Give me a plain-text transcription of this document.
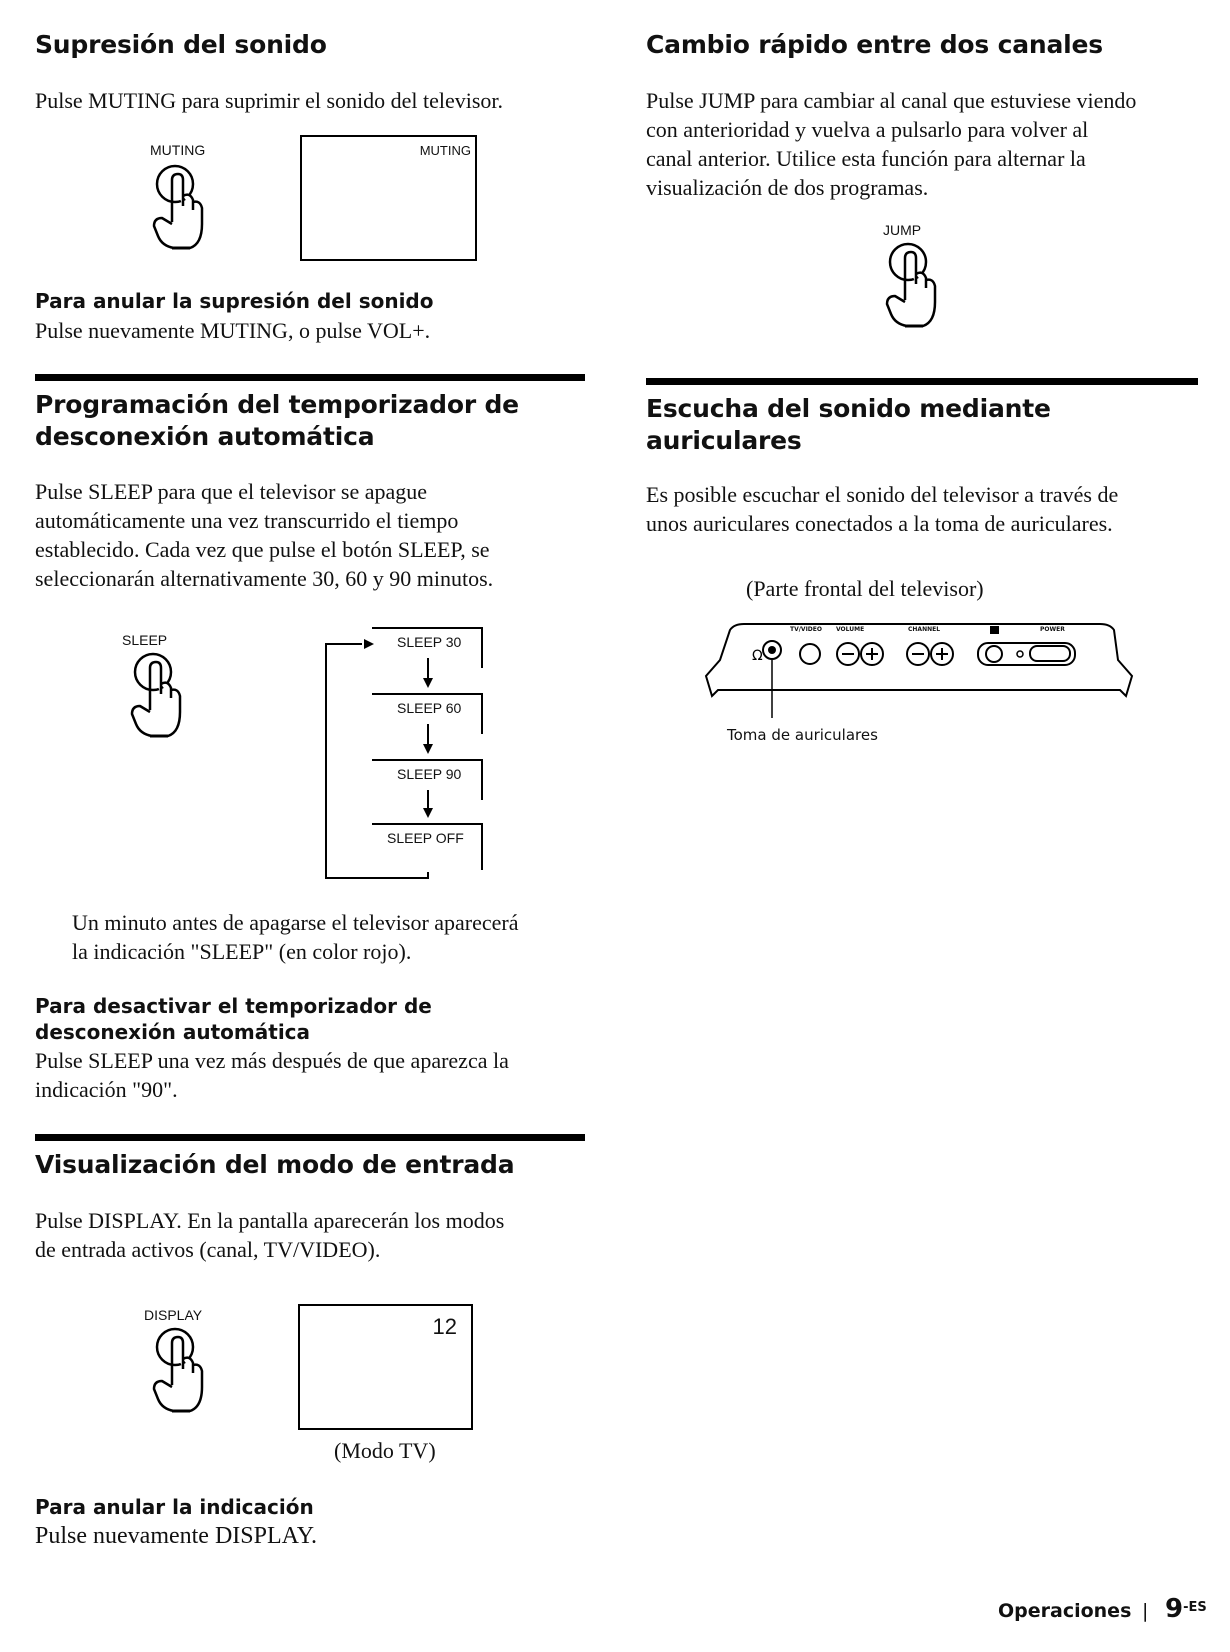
Supresión del sonido

Pulse MUTING para suprimir el sonido del televisor.

MUTING	MUTING
Para anular la supresión del sonido

Pulse nuevamente MUTING, o pulse VOL+.

Programación del temporizador de
desconexión automática

Pulse SLEEP para que el televisor se apague

automáticamente una vez transcurrido el tiempo

establecido. Cada vez que pulse el botón SLEEP, se

seleccionarán alternativamente 30, 60 y 90 minutos.

SLEEP	SLEEP 30
SLEEP 60
SLEEP 90
SLEEP OFF

Un minuto antes de apagarse el televisor aparecerá

la indicación "SLEEP" (en color rojo).

Para desactivar el temporizador de
desconexión automática

Pulse SLEEP una vez más después de que aparezca la

indicación "90".

Visualización del modo de entrada

Pulse DISPLAY. En la pantalla aparecerán los modos

de entrada activos (canal, TV/VIDEO).

DISPLAY	12
(Modo TV)
Para anular la indicación

Pulse nuevamente DISPLAY.

Cambio rápido entre dos canales

Pulse JUMP para cambiar al canal que estuviese viendo

con anterioridad y vuelva a pulsarlo para volver al

canal anterior. Utilice esta función para alternar la

visualización de dos programas.

JUMP
Escucha del sonido mediante
auriculares

Es posible escuchar el sonido del televisor a través de

unos auriculares conectados a la toma de auriculares.

(Parte frontal del televisor)
Ω
TV/VIDEO VOLUME	CHANNEL	POWER
Toma de auriculares
Operaciones | $9^{-ES}$
